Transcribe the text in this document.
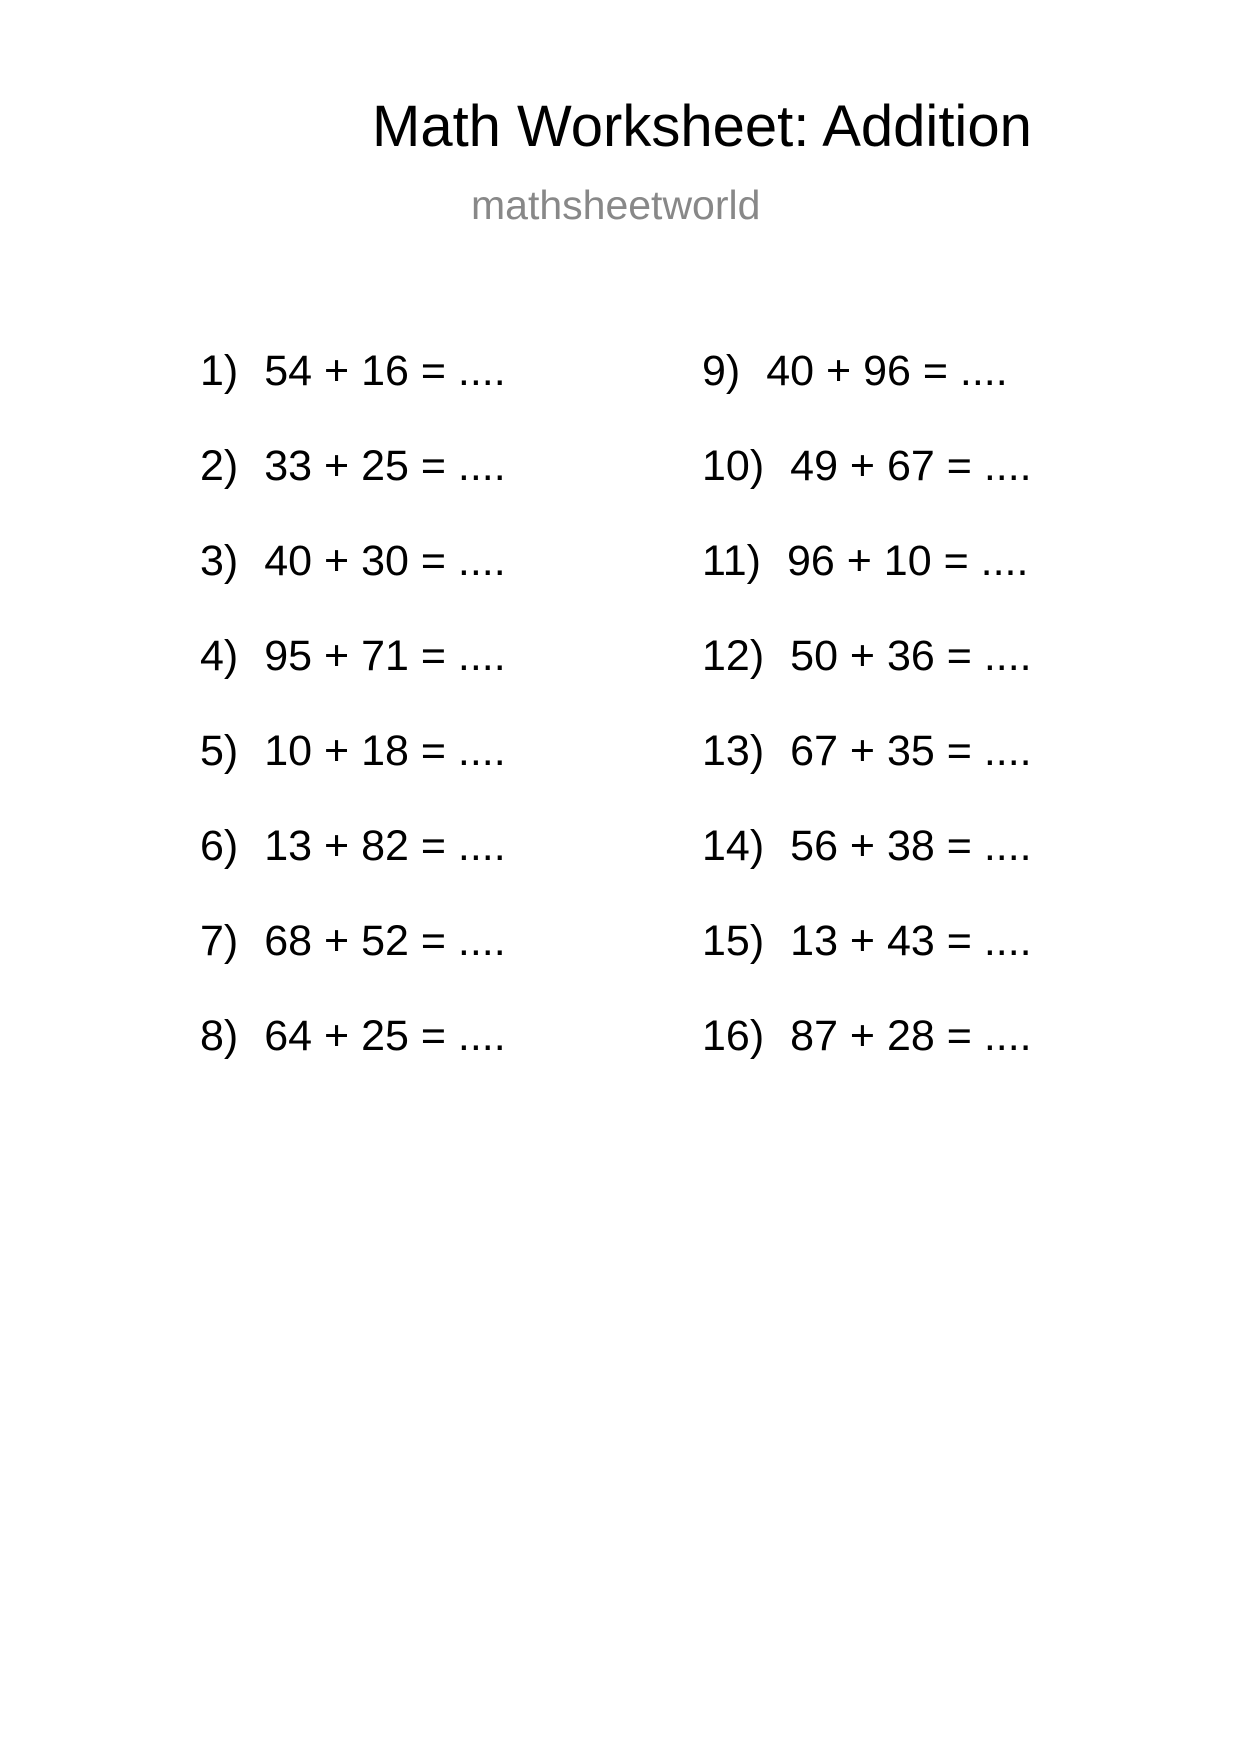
Math Worksheet: Addition
mathsheetworld
1) 54 + 16 = ....
2) 33 + 25 = ....
3) 40 + 30 = ....
4) 95 + 71 = ....
5) 10 + 18 = ....
6) 13 + 82 = ....
7) 68 + 52 = ....
8) 64 + 25 = ....
9) 40 + 96 = ....
10) 49 + 67 = ....
11) 96 + 10 = ....
12) 50 + 36 = ....
13) 67 + 35 = ....
14) 56 + 38 = ....
15) 13 + 43 = ....
16) 87 + 28 = ....
